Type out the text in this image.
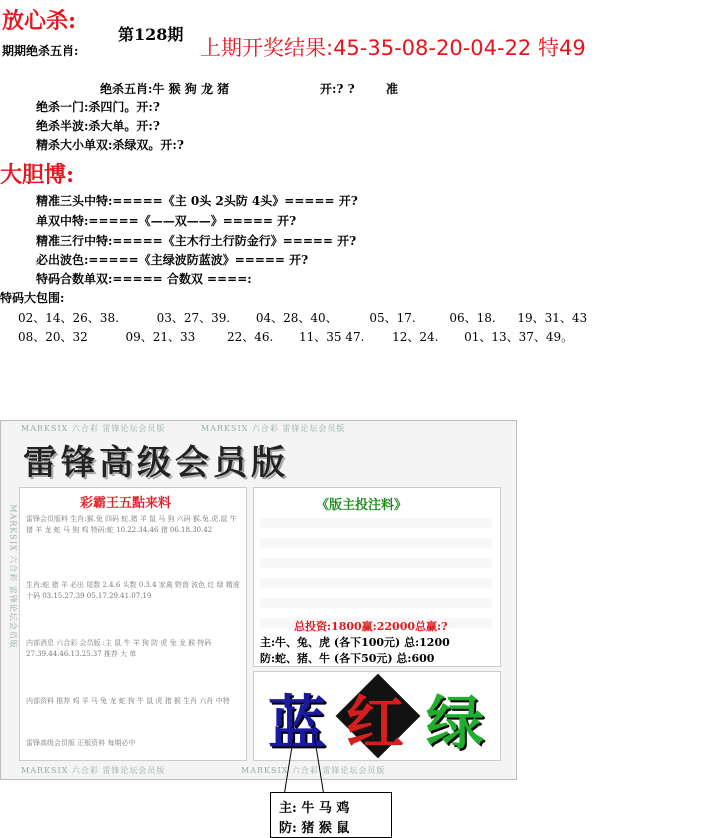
放心杀:
第128期
期期绝杀五肖:	上期开奖结果:45-35-08-20-04-22 特49
绝杀五肖:牛 猴 狗 龙 猪	开:? ?	准
绝杀一门:杀四门。开:?
绝杀半波:杀大单。开:?
精杀大小单双:杀绿双。开:?
大胆博:
精准三头中特:=====《主 0头 2头防 4头》===== 开?
单双中特:=====《——双——》===== 开?
精准三行中特:=====《主木行土行防金行》===== 开?
必出波色:=====《主绿波防蓝波》===== 开?
特码合数单双:===== 合数双 ====:
特码大包围:
02、14、26、38.	03、27、39. 04、28、40、	05、17.	06、18. 19、31、43
08、20、32	09、21、33	22、46. 11、35 47. 12、24. 01、13、37、49。
MARKSIX 六合彩 雷锋论坛会员版	MARKSIX 六合彩 雷锋论坛会员版
MARKSIX 六合彩 雷锋论坛会员版	MARKSIX 六合彩 雷锋论坛会员版
MARKSIX 六合彩 雷锋论坛会员版
雷锋高级会员版
彩霸王五點来料
雷锋会员版料 生肖:猴.兔 四码 蛇.猪 羊 鼠 马 狗 六码 猴.兔.虎.鼠 牛 猪 羊 龙 蛇 马 狗 鸡 特码:蛇 10.22.34.46 猪 06.18.30.42
生肖:蛇 猪 羊 必出 尾数 2.4.6 头数 0.3.4 家禽 野兽 波色 红 绿 精准十码 03.15.27.39 05.17.29.41.07.19
内部消息 六合彩 会员版 :主 鼠 牛 羊 狗 防 虎 兔 龙 猴 特码 27.39.44.46.13.25.37 推荐 大 单
内部资料 推荐 鸡 羊 马 兔 龙 蛇 狗 牛 鼠 虎 猪 猴 生肖 六肖 中特
雷锋高级会员版 正版资料 每期必中
《版主投注料》
总投资:1800赢:22000总赢:?
主:牛、兔、虎 (各下100元) 总:1200
防:蛇、猪、牛 (各下50元) 总:600
蓝 红 绿
主: 牛 马 鸡
防: 猪 猴 鼠
